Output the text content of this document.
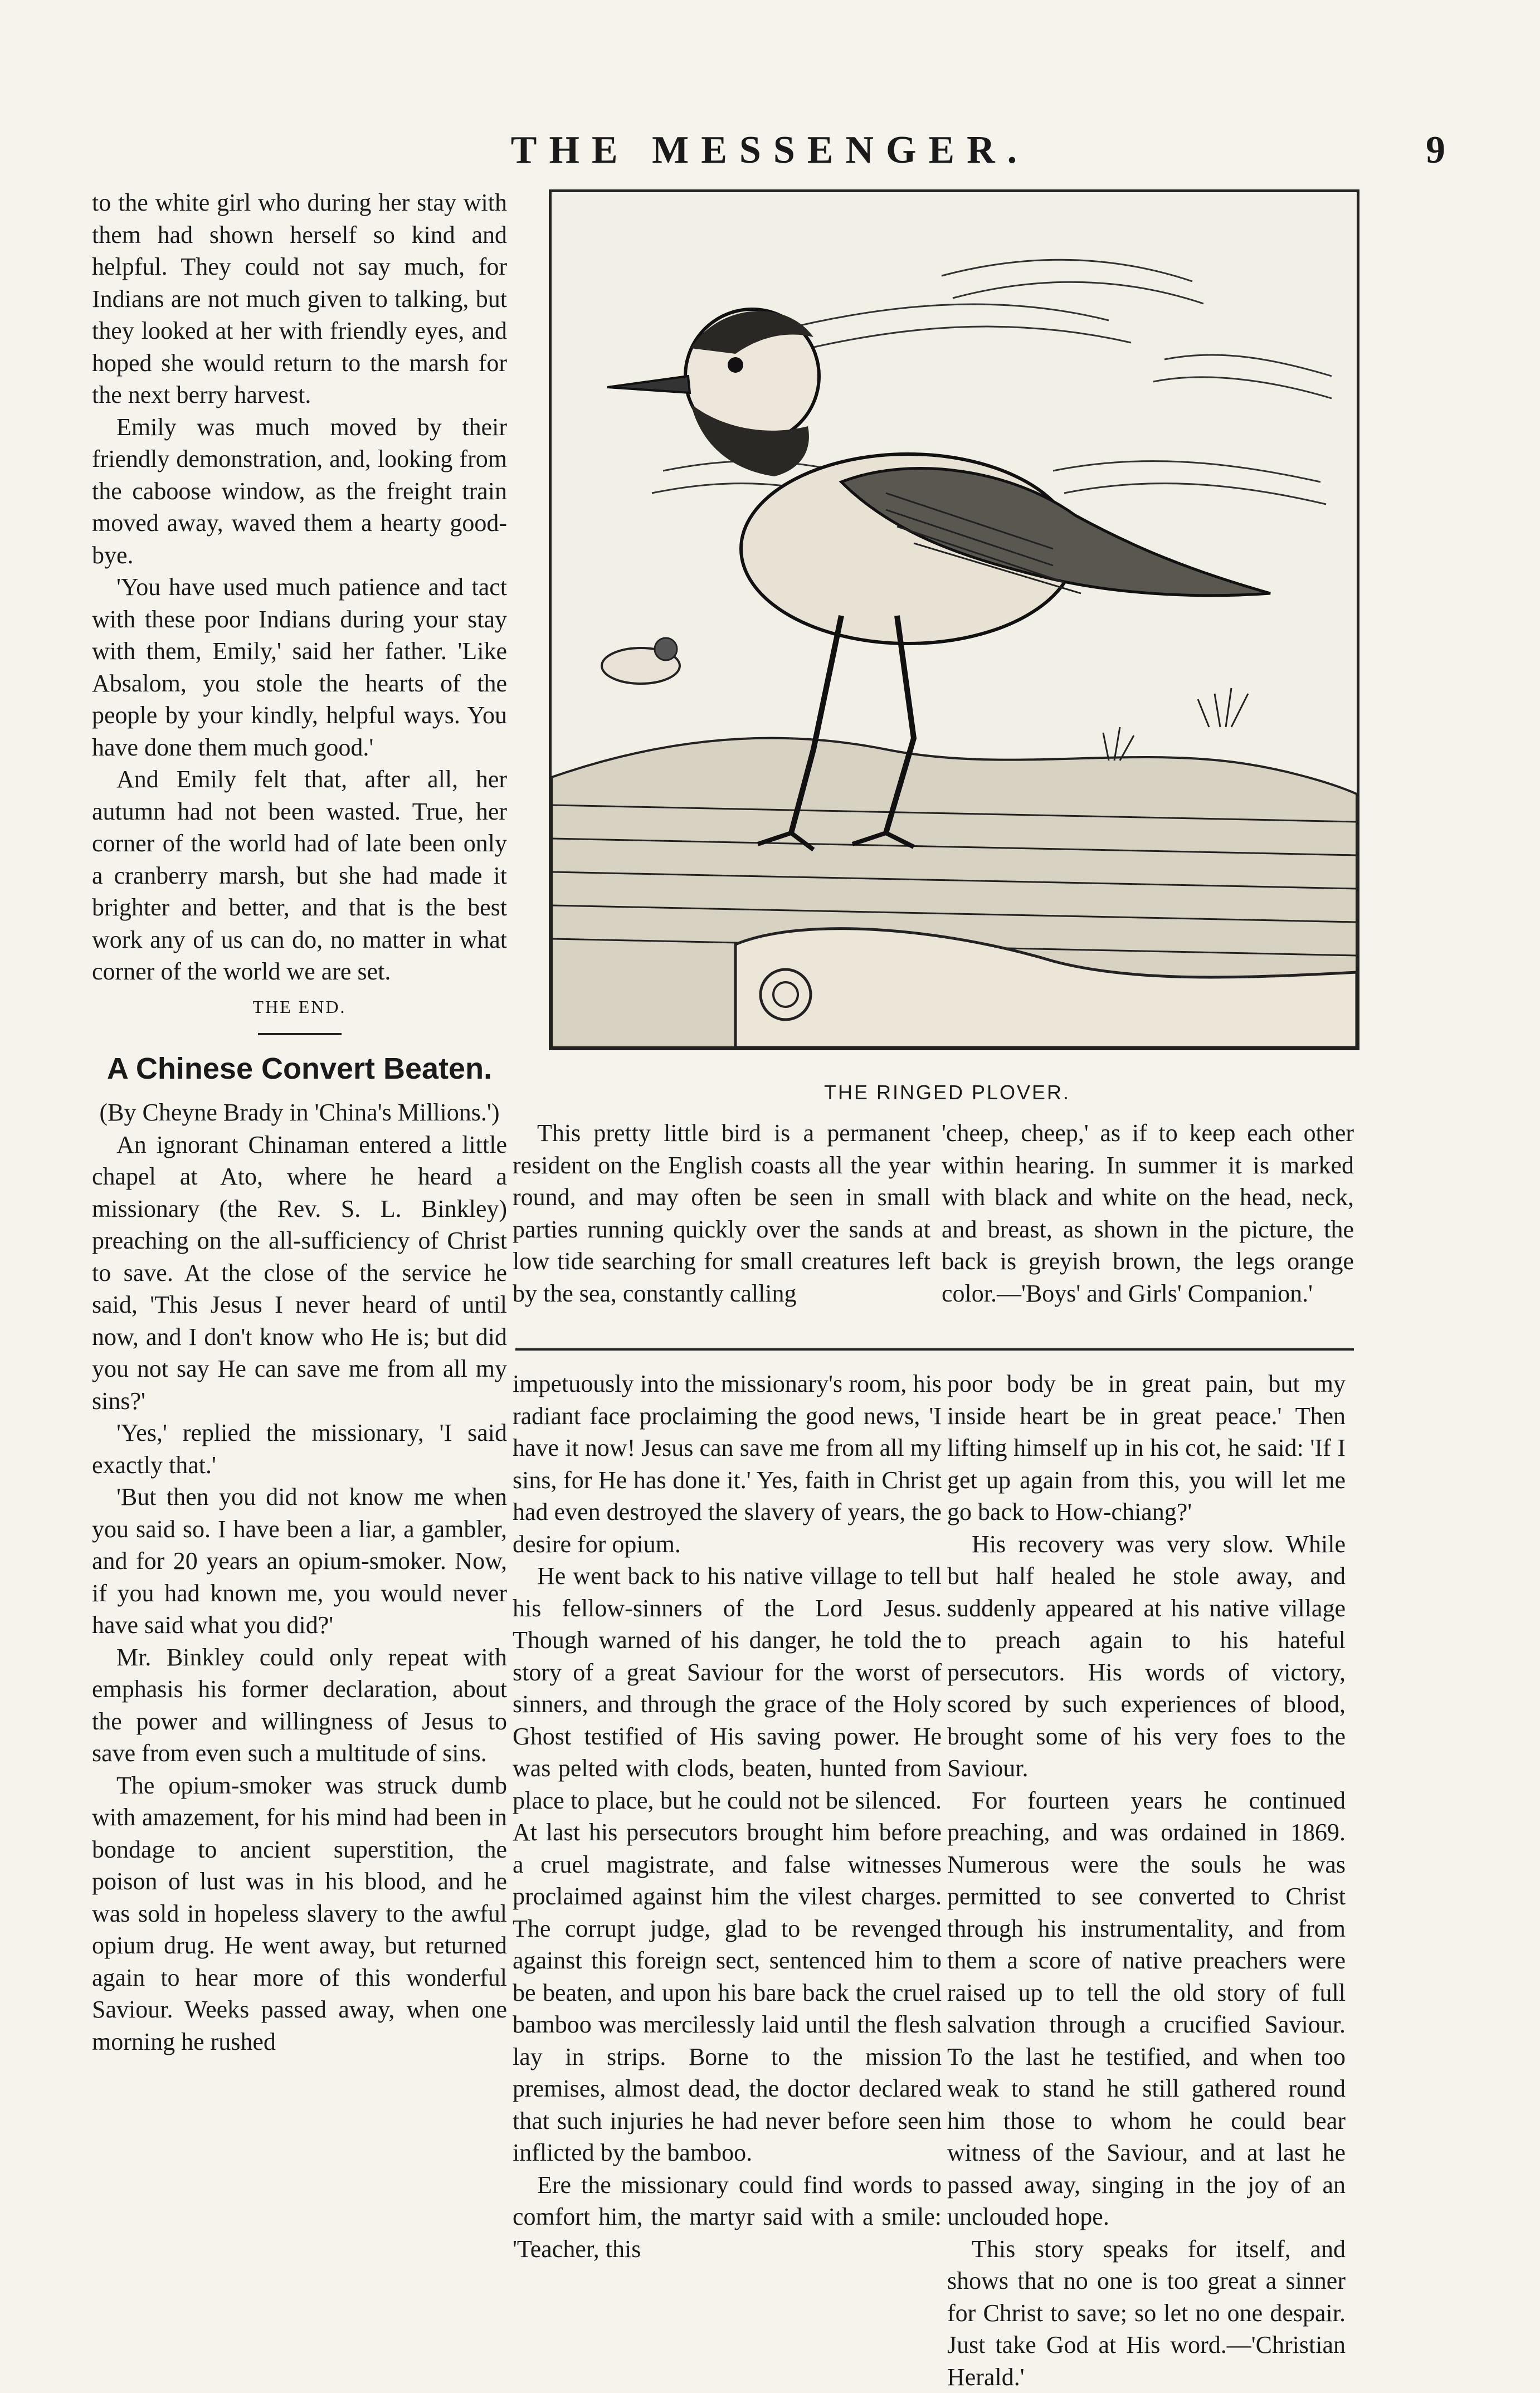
THE MESSENGER.	9

to the white girl who during her stay with them had shown herself so kind and helpful. They could not say much, for Indians are not much given to talking, but they looked at her with friendly eyes, and hoped she would return to the marsh for the next berry harvest.

Emily was much moved by their friendly demonstration, and, looking from the caboose window, as the freight train moved away, waved them a hearty good-bye.

'You have used much patience and tact with these poor Indians during your stay with them, Emily,' said her father. 'Like Absalom, you stole the hearts of the people by your kindly, helpful ways. You have done them much good.'

And Emily felt that, after all, her autumn had not been wasted. True, her corner of the world had of late been only a cranberry marsh, but she had made it brighter and better, and that is the best work any of us can do, no matter in what corner of the world we are set.

THE END.
A Chinese Convert Beaten.

(By Cheyne Brady in 'China's Millions.')

An ignorant Chinaman entered a little chapel at Ato, where he heard a missionary (the Rev. S. L. Binkley) preaching on the all-sufficiency of Christ to save. At the close of the service he said, 'This Jesus I never heard of until now, and I don't know who He is; but did you not say He can save me from all my sins?'

'Yes,' replied the missionary, 'I said exactly that.'

'But then you did not know me when you said so. I have been a liar, a gambler, and for 20 years an opium-smoker. Now, if you had known me, you would never have said what you did?'

Mr. Binkley could only repeat with emphasis his former declaration, about the power and willingness of Jesus to save from even such a multitude of sins.

The opium-smoker was struck dumb with amazement, for his mind had been in bondage to ancient superstition, the poison of lust was in his blood, and he was sold in hopeless slavery to the awful opium drug. He went away, but returned again to hear more of this wonderful Saviour. Weeks passed away, when one morning he rushed

THE RINGED PLOVER.

This pretty little bird is a permanent resident on the English coasts all the year round, and may often be seen in small parties running quickly over the sands at low tide searching for small creatures left by the sea, constantly calling

'cheep, cheep,' as if to keep each other within hearing. In summer it is marked with black and white on the head, neck, and breast, as shown in the picture, the back is greyish brown, the legs orange color.—'Boys' and Girls' Companion.'

impetuously into the missionary's room, his radiant face proclaiming the good news, 'I have it now! Jesus can save me from all my sins, for He has done it.' Yes, faith in Christ had even destroyed the slavery of years, the desire for opium.

He went back to his native village to tell his fellow-sinners of the Lord Jesus. Though warned of his danger, he told the story of a great Saviour for the worst of sinners, and through the grace of the Holy Ghost testified of His saving power. He was pelted with clods, beaten, hunted from place to place, but he could not be silenced. At last his persecutors brought him before a cruel magistrate, and false witnesses proclaimed against him the vilest charges. The corrupt judge, glad to be revenged against this foreign sect, sentenced him to be beaten, and upon his bare back the cruel bamboo was mercilessly laid until the flesh lay in strips. Borne to the mission premises, almost dead, the doctor declared that such injuries he had never before seen inflicted by the bamboo.

Ere the missionary could find words to comfort him, the martyr said with a smile: 'Teacher, this

poor body be in great pain, but my inside heart be in great peace.' Then lifting himself up in his cot, he said: 'If I get up again from this, you will let me go back to How-chiang?'

His recovery was very slow. While but half healed he stole away, and suddenly appeared at his native village to preach again to his hateful persecutors. His words of victory, scored by such experiences of blood, brought some of his very foes to the Saviour.

For fourteen years he continued preaching, and was ordained in 1869. Numerous were the souls he was permitted to see converted to Christ through his instrumentality, and from them a score of native preachers were raised up to tell the old story of full salvation through a crucified Saviour. To the last he testified, and when too weak to stand he still gathered round him those to whom he could bear witness of the Saviour, and at last he passed away, singing in the joy of an unclouded hope.

This story speaks for itself, and shows that no one is too great a sinner for Christ to save; so let no one despair. Just take God at His word.—'Christian Herald.'
